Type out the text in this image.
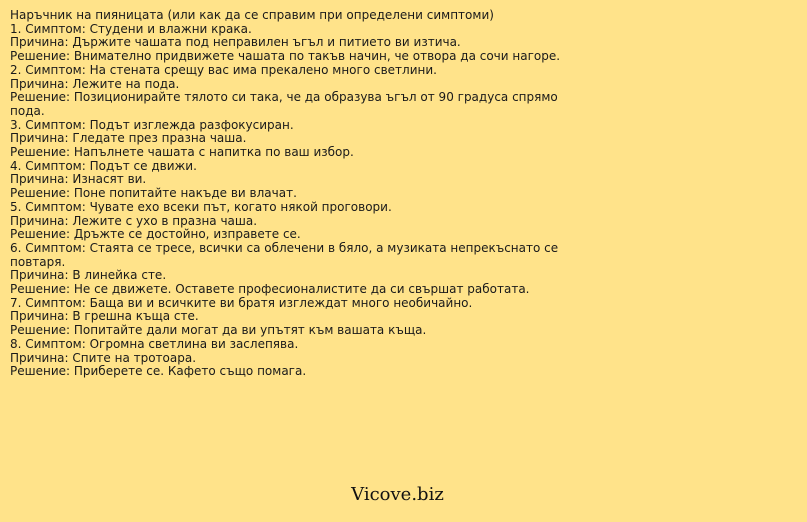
Наръчник на пияницата (или как да се справим при определени симптоми)

1. Симптом: Студени и влажни крака.

Причина: Държите чашата под неправилен ъгъл и питието ви изтича.

Решение: Внимателно придвижете чашата по такъв начин, че отвора да сочи нагоре.

2. Симптом: На стената срещу вас има прекалено много светлини.

Причина: Лежите на пода.

Решение: Позиционирайте тялото си така, че да образува ъгъл от 90 градуса спрямо пода.

3. Симптом: Подът изглежда разфокусиран.

Причина: Гледате през празна чаша.

Решение: Напълнете чашата с напитка по ваш избор.

4. Симптом: Подът се движи.

Причина: Изнасят ви.

Решение: Поне попитайте накъде ви влачат.

5. Симптом: Чувате ехо всеки път, когато някой проговори.

Причина: Лежите с ухо в празна чаша.

Решение: Дръжте се достойно, изправете се.

6. Симптом: Стаята се тресе, всички са облечени в бяло, а музиката непрекъснато се повтаря.

Причина: В линейка сте.

Решение: Не се движете. Оставете професионалистите да си свършат работата.

7. Симптом: Баща ви и всичките ви братя изглеждат много необичайно.

Причина: В грешна къща сте.

Решение: Попитайте дали могат да ви упътят към вашата къща.

8. Симптом: Огромна светлина ви заслепява.

Причина: Спите на тротоара.

Решение: Приберете се. Кафето също помага.

Vicove.biz
